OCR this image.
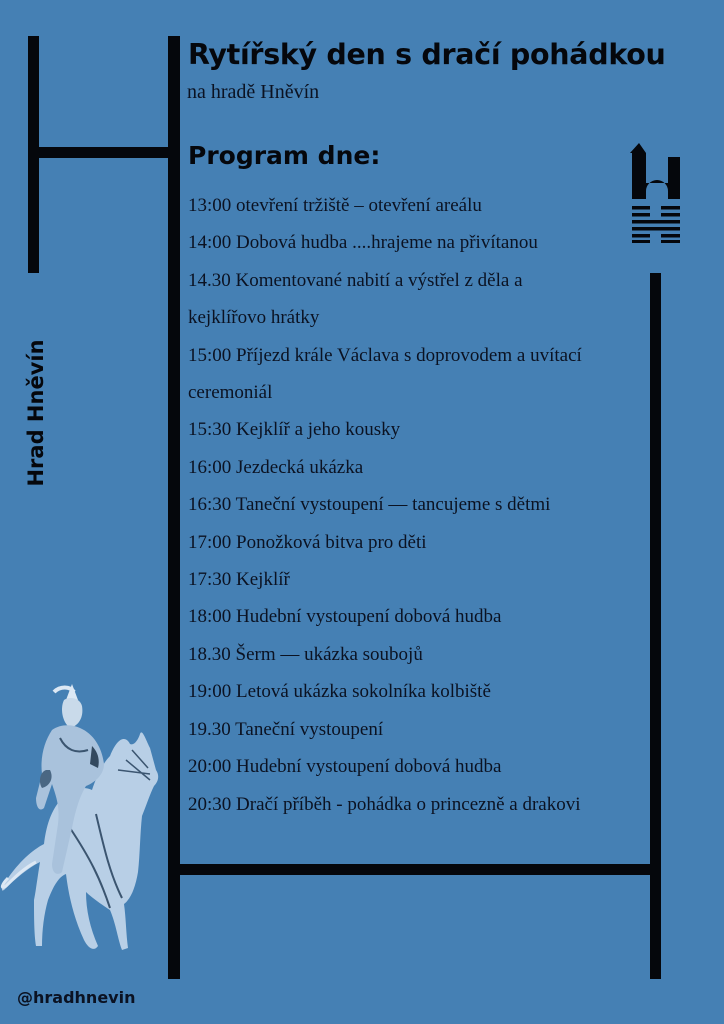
Rytířský den s dračí pohádkou
na hradě Hněvín
Program dne:
13:00 otevření tržiště – otevření areálu
14:00 Dobová hudba ....hrajeme na přivítanou
14.30 Komentované nabití a výstřel z děla a kejklířovo hrátky
15:00 Příjezd krále Václava s doprovodem a uvítací ceremoniál
15:30 Kejklíř a jeho kousky
16:00 Jezdecká ukázka
16:30 Taneční vystoupení — tancujeme s dětmi
17:00 Ponožková bitva pro děti
17:30 Kejklíř
18:00 Hudební vystoupení dobová hudba
18.30 Šerm — ukázka soubojů
19:00 Letová ukázka sokolníka kolbiště
19.30 Taneční vystoupení
20:00 Hudební vystoupení dobová hudba
20:30 Dračí příběh - pohádka o princezně a drakovi
Hrad Hněvín
@hradhnevin
